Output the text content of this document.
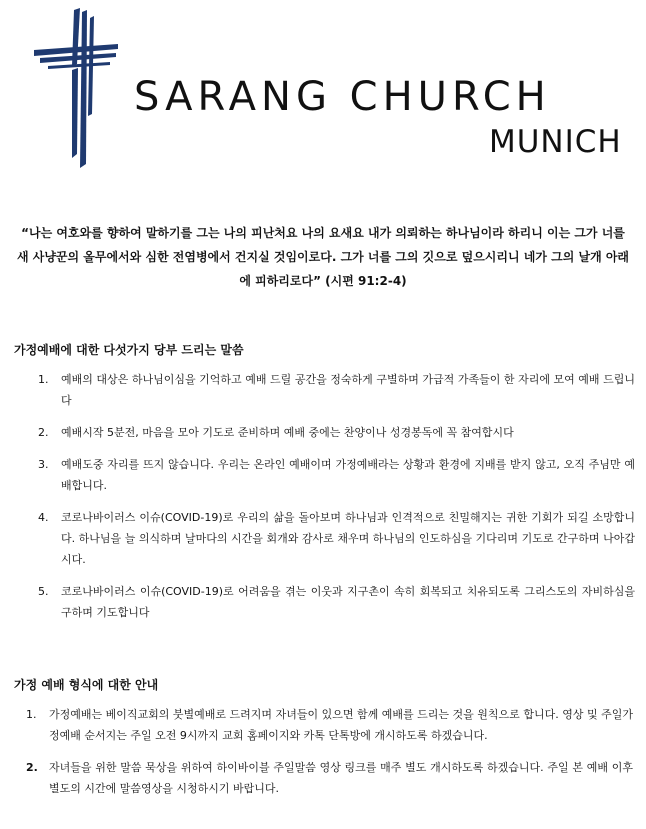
SARANG CHURCH
MUNICH
“나는 여호와를 향하여 말하기를 그는 나의 피난처요 나의 요새요 내가 의뢰하는 하나님이라 하리니 이는 그가 너를 새 사냥꾼의 올무에서와 심한 전염병에서 건지실 것임이로다. 그가 너를 그의 깃으로 덮으시리니 네가 그의 날개 아래에 피하리로다” (시편 91:2-4)
가정예배에 대한 다섯가지 당부 드리는 말씀
1. 예배의 대상은 하나님이심을 기억하고 예배 드릴 공간을 정숙하게 구별하며 가급적 가족들이 한 자리에 모여 예배 드립니다
2. 예배시작 5분전, 마음을 모아 기도로 준비하며 예배 중에는 찬양이나 성경봉독에 꼭 참여합시다
3. 예배도중 자리를 뜨지 않습니다. 우리는 온라인 예배이며 가정예배라는 상황과 환경에 지배를 받지 않고, 오직 주님만 예배합니다.
4. 코로나바이러스 이슈(COVID-19)로 우리의 삶을 돌아보며 하나님과 인격적으로 친밀해지는 귀한 기회가 되길 소망합니다. 하나님을 늘 의식하며 날마다의 시간을 회개와 감사로 채우며 하나님의 인도하심을 기다리며 기도로 간구하며 나아갑시다.
5. 코로나바이러스 이슈(COVID-19)로 어려움을 겪는 이웃과 지구촌이 속히 회복되고 치유되도록 그리스도의 자비하심을 구하며 기도합니다
가정 예배 형식에 대한 안내
1. 가정예배는 베이직교회의 붓별예배로 드려지며 자녀들이 있으면 함께 예배를 드리는 것을 원칙으로 합니다. 영상 및 주일가정예배 순서지는 주일 오전 9시까지 교회 홈페이지와 카톡 단톡방에 개시하도록 하겠습니다.
2. 자녀들을 위한 말씀 묵상을 위하여 하이바이블 주일말씀 영상 링크를 매주 별도 개시하도록 하겠습니다. 주일 본 예배 이후 별도의 시간에 말씀영상을 시청하시기 바랍니다.
